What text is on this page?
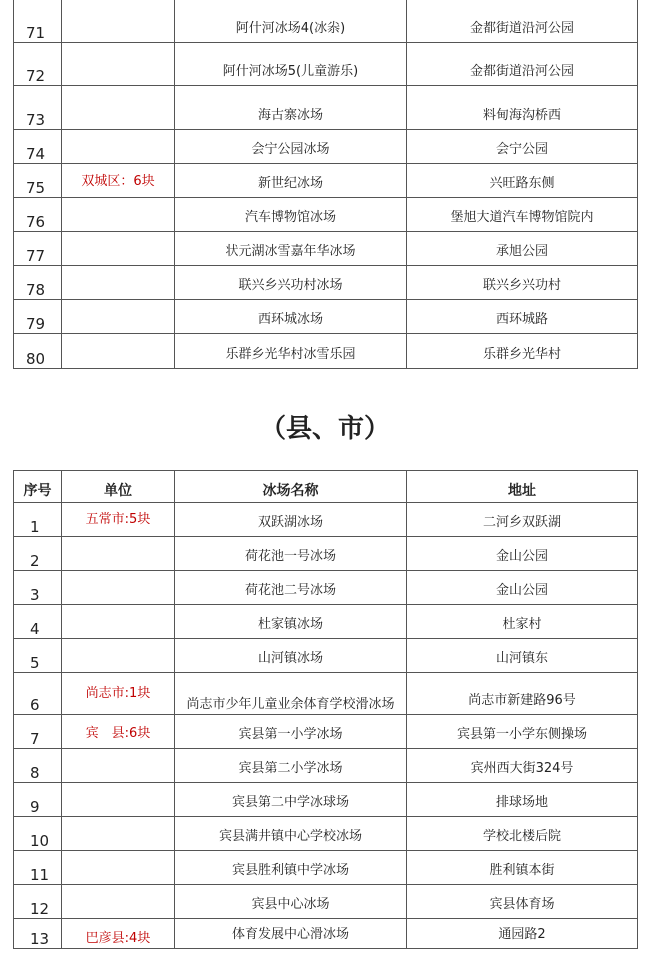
71		阿什河冰场4(冰尜)	金都街道沿河公园
72		阿什河冰场5(儿童游乐)	金都街道沿河公园
73		海古寨冰场	料甸海沟桥西
74		会宁公园冰场	会宁公园
75	双城区：6块	新世纪冰场	兴旺路东侧
76		汽车博物馆冰场	堡旭大道汽车博物馆院内
77		状元湖冰雪嘉年华冰场	承旭公园
78		联兴乡兴功村冰场	联兴乡兴功村
79		西环城冰场	西环城路
80		乐群乡光华村冰雪乐园	乐群乡光华村
（县、市）
序号	单位	冰场名称	地址
1	五常市:5块	双跃湖冰场	二河乡双跃湖
2		荷花池一号冰场	金山公园
3		荷花池二号冰场	金山公园
4		杜家镇冰场	杜家村
5		山河镇冰场	山河镇东
6	尚志市:1块	尚志市少年儿童业余体育学校滑冰场	尚志市新建路96号
7	宾　县:6块	宾县第一小学冰场	宾县第一小学东侧操场
8		宾县第二小学冰场	宾州西大街324号
9		宾县第二中学冰球场	排球场地
10		宾县满井镇中心学校冰场	学校北楼后院
11		宾县胜利镇中学冰场	胜利镇本街
12		宾县中心冰场	宾县体育场
13	巴彦县:4块	体育发展中心滑冰场	通园路2
